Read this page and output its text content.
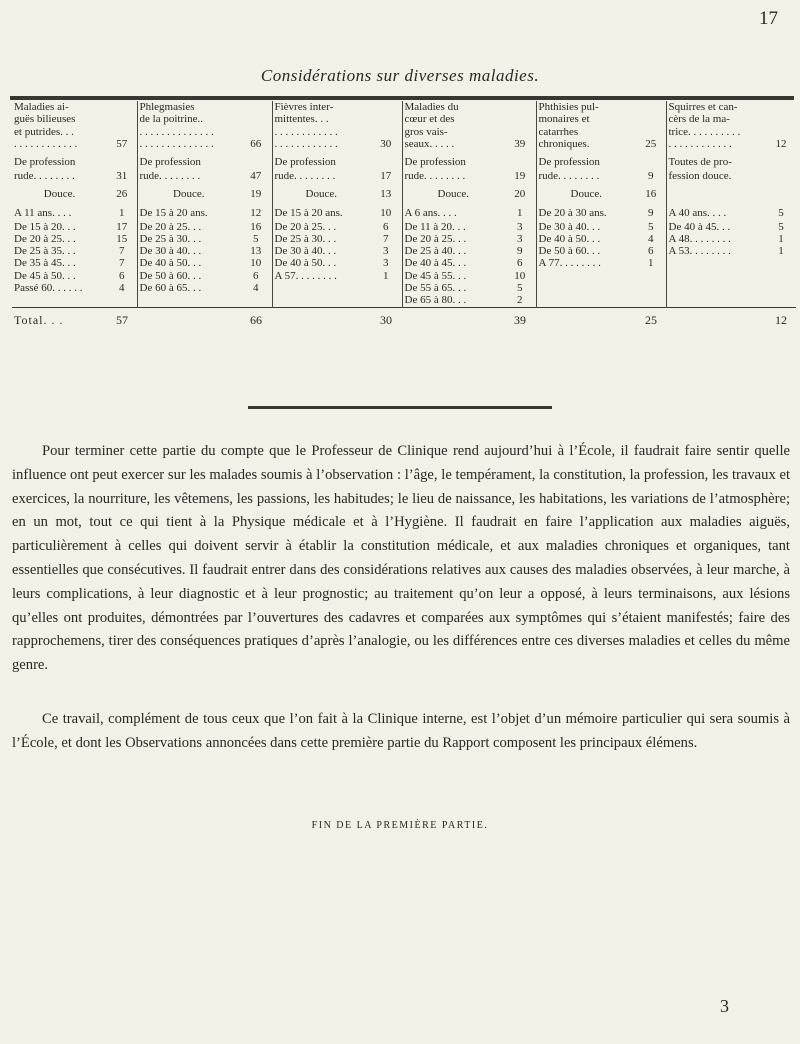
17
Considérations sur diverses maladies.
Maladies ai-		Phlegmasies		Fièvres inter-		Maladies du		Phthisies pul-		Squirres et can-	
guës bilieuses		de la poitrine..		mittentes. . .		cœur et des		monaires et		cèrs de la ma-	
et putrides. . .		. . . . . . . . . . . . . .		. . . . . . . . . . . .		gros vais-		catarrhes		trice. . . . . . . . . .	
. . . . . . . . . . . .	57	. . . . . . . . . . . . . .	66	. . . . . . . . . . . .	30	seaux. . . . .	39	chroniques.	25	. . . . . . . . . . . .	12
De profession		De profession		De profession		De profession		De profession		Toutes de pro-	
rude. . . . . . . .	31	rude. . . . . . . .	47	rude. . . . . . . .	17	rude. . . . . . . .	19	rude. . . . . . . .	9	fession douce.	
Douce.	26	Douce.	19	Douce.	13	Douce.	20	Douce.	16		
A 11 ans. . . .	1	De 15 à 20 ans.	12	De 15 à 20 ans.	10	A 6 ans. . . .	1	De 20 à 30 ans.	9	A 40 ans. . . .	5
De 15 à 20. . .	17	De 20 à 25. . .	16	De 20 à 25. . .	6	De 11 à 20. . .	3	De 30 à 40. . .	5	De 40 à 45. . .	5
De 20 à 25. . .	15	De 25 à 30. . .	5	De 25 à 30. . .	7	De 20 à 25. . .	3	De 40 à 50. . .	4	A 48. . . . . . . .	1
De 25 à 35. . .	7	De 30 à 40. . .	13	De 30 à 40. . .	3	De 25 à 40. . .	9	De 50 à 60. . .	6	A 53. . . . . . . .	1
De 35 à 45. . .	7	De 40 à 50. . .	10	De 40 à 50. . .	3	De 40 à 45. . .	6	A 77. . . . . . . .	1		
De 45 à 50. . .	6	De 50 à 60. . .	6	A 57. . . . . . . .	1	De 45 à 55. . .	10				
Passé 60. . . . . .	4	De 60 à 65. . .	4			De 55 à 65. . .	5				
						De 65 à 80. . .	2				
Total. . .	57		66		30		39		25		12

Pour terminer cette partie du compte que le Professeur de Clinique rend aujourd’hui à l’École, il faudrait faire sentir quelle influence ont peut exercer sur les malades soumis à l’observation : l’âge, le tempérament, la constitution, la profession, les travaux et exercices, la nourriture, les vêtemens, les passions, les habitudes; le lieu de naissance, les habitations, les variations de l’atmosphère; en un mot, tout ce qui tient à la Physique médicale et à l’Hygiène. Il faudrait en faire l’application aux maladies aiguës, particulièrement à celles qui doivent servir à établir la constitution médicale, et aux maladies chroniques et organiques, tant essentielles que consécutives. Il faudrait entrer dans des considérations relatives aux causes des maladies observées, à leur marche, à leurs complications, à leur diagnostic et à leur prognostic; au traitement qu’on leur a opposé, à leurs terminaisons, aux lésions qu’elles ont produites, démontrées par l’ouvertures des cadavres et comparées aux symptômes qui s’étaient manifestés; faire des rapprochemens, tirer des conséquences pratiques d’après l’analogie, ou les différences entre ces diverses maladies et celles du même genre.

Ce travail, complément de tous ceux que l’on fait à la Clinique interne, est l’objet d’un mémoire particulier qui sera soumis à l’École, et dont les Observations annoncées dans cette première partie du Rapport composent les principaux élémens.

FIN DE LA PREMIÈRE PARTIE.
3
